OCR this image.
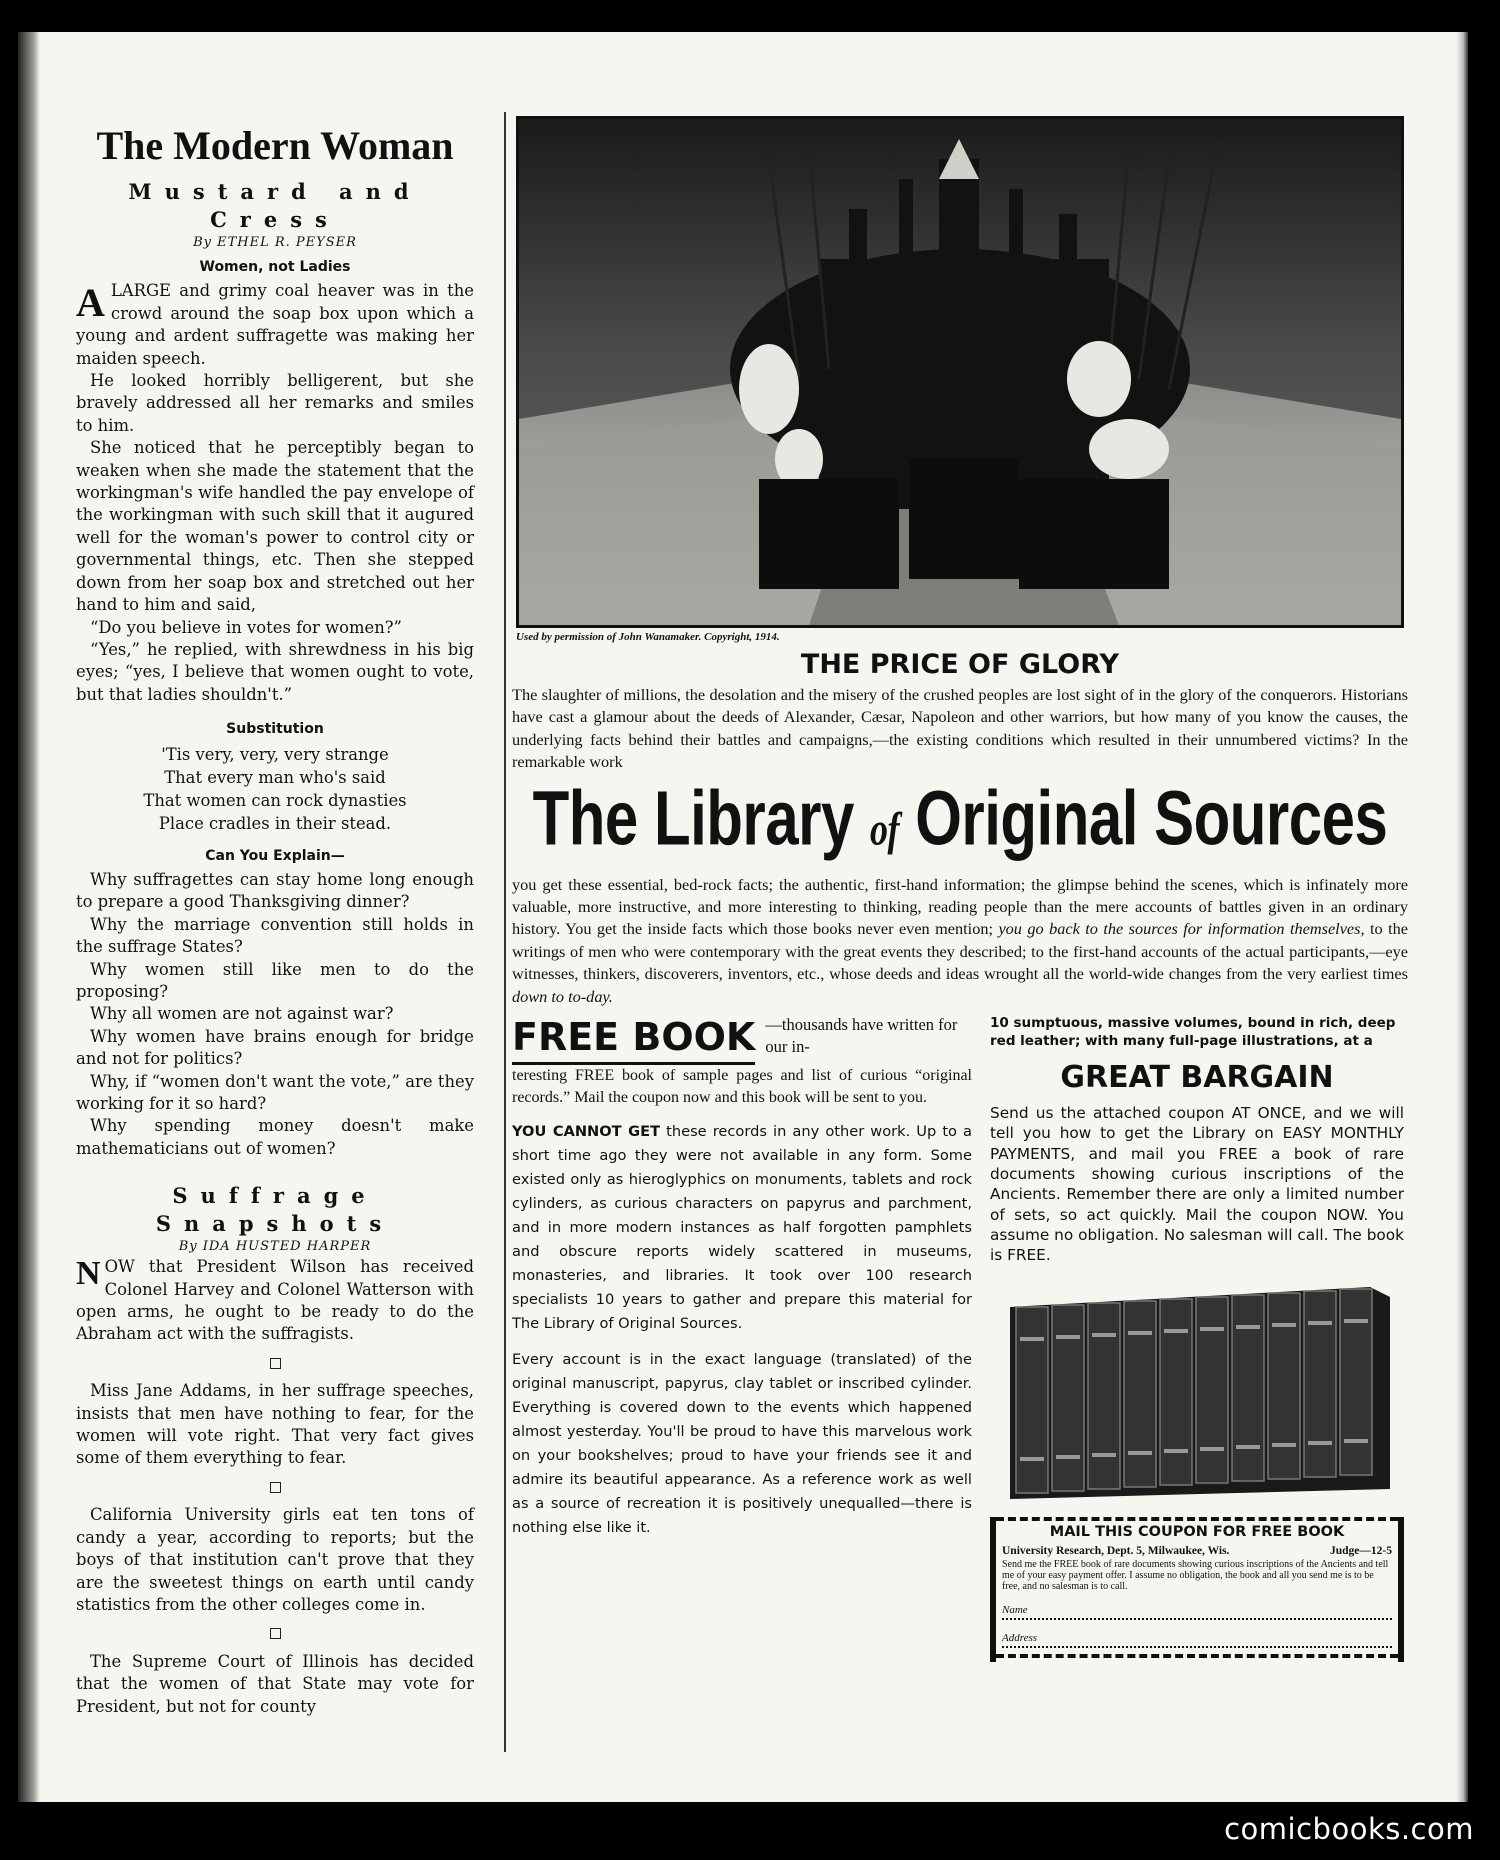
The Modern Woman
Mustard and Cress
By ETHEL R. PEYSER
Women, not Ladies

ALARGE and grimy coal heaver was in the crowd around the soap box upon which a young and ardent suffragette was making her maiden speech.

He looked horribly belligerent, but she bravely addressed all her remarks and smiles to him.

She noticed that he perceptibly began to weaken when she made the statement that the workingman's wife handled the pay envelope of the workingman with such skill that it augured well for the woman's power to control city or governmental things, etc. Then she stepped down from her soap box and stretched out her hand to him and said,

“Do you believe in votes for women?”

“Yes,” he replied, with shrewdness in his big eyes; “yes, I believe that women ought to vote, but that ladies shouldn't.”

Substitution
'Tis very, very, very strange
That every man who's said
That women can rock dynasties
Place cradles in their stead.
Can You Explain—

Why suffragettes can stay home long enough to prepare a good Thanksgiving dinner?

Why the marriage convention still holds in the suffrage States?

Why women still like men to do the proposing?

Why all women are not against war?

Why women have brains enough for bridge and not for politics?

Why, if “women don't want the vote,” are they working for it so hard?

Why spending money doesn't make mathematicians out of women?

Suffrage Snapshots
By IDA HUSTED HARPER

NOW that President Wilson has received Colonel Harvey and Colonel Watterson with open arms, he ought to be ready to do the Abraham act with the suffragists.

Miss Jane Addams, in her suffrage speeches, insists that men have nothing to fear, for the women will vote right. That very fact gives some of them everything to fear.

California University girls eat ten tons of candy a year, according to reports; but the boys of that institution can't prove that they are the sweetest things on earth until candy statistics from the other colleges come in.

The Supreme Court of Illinois has decided that the women of that State may vote for President, but not for county

Used by permission of John Wanamaker. Copyright, 1914.
THE PRICE OF GLORY

The slaughter of millions, the desolation and the misery of the crushed peoples are lost sight of in the glory of the conquerors. Historians have cast a glamour about the deeds of Alexander, Cæsar, Napoleon and other warriors, but how many of you know the causes, the underlying facts behind their battles and campaigns,—the existing conditions which resulted in their unnumbered victims? In the remarkable work

The Library of Original Sources

you get these essential, bed-rock facts; the authentic, first-hand information; the glimpse behind the scenes, which is infinately more valuable, more instructive, and more interesting to thinking, reading people than the mere accounts of battles given in an ordinary history. You get the inside facts which those books never even mention; you go back to the sources for information themselves, to the writings of men who were contemporary with the great events they described; to the first-hand accounts of the actual participants,—eye witnesses, thinkers, discoverers, inventors, etc., whose deeds and ideas wrought all the world-wide changes from the very earliest times down to to-day.

FREE BOOK —thousands have written for our in-

teresting FREE book of sample pages and list of curious “original records.” Mail the coupon now and this book will be sent to you.

YOU CANNOT GET these records in any other work. Up to a short time ago they were not available in any form. Some existed only as hieroglyphics on monuments, tablets and rock cylinders, as curious characters on papyrus and parchment, and in more modern instances as half forgotten pamphlets and obscure reports widely scattered in museums, monasteries, and libraries. It took over 100 research specialists 10 years to gather and prepare this material for The Library of Original Sources.

Every account is in the exact language (translated) of the original manuscript, papyrus, clay tablet or inscribed cylinder. Everything is covered down to the events which happened almost yesterday. You'll be proud to have this marvelous work on your bookshelves; proud to have your friends see it and admire its beautiful appearance. As a reference work as well as a source of recreation it is positively unequalled—there is nothing else like it.

10 sumptuous, massive volumes, bound in rich, deep red leather; with many full-page illustrations, at a

GREAT BARGAIN

Send us the attached coupon AT ONCE, and we will tell you how to get the Library on EASY MONTHLY PAYMENTS, and mail you FREE a book of rare documents showing curious inscriptions of the Ancients. Remember there are only a limited number of sets, so act quickly. Mail the coupon NOW. You assume no obligation. No salesman will call. The book is FREE.

MAIL THIS COUPON FOR FREE BOOK
University Research, Dept. 5, Milwaukee, Wis.	Judge—12-5
Send me the FREE book of rare documents showing curious inscriptions of the Ancients and tell me of your easy payment offer. I assume no obligation, the book and all you send me is to be free, and no salesman is to call.
Name
Address
comicbooks.com
